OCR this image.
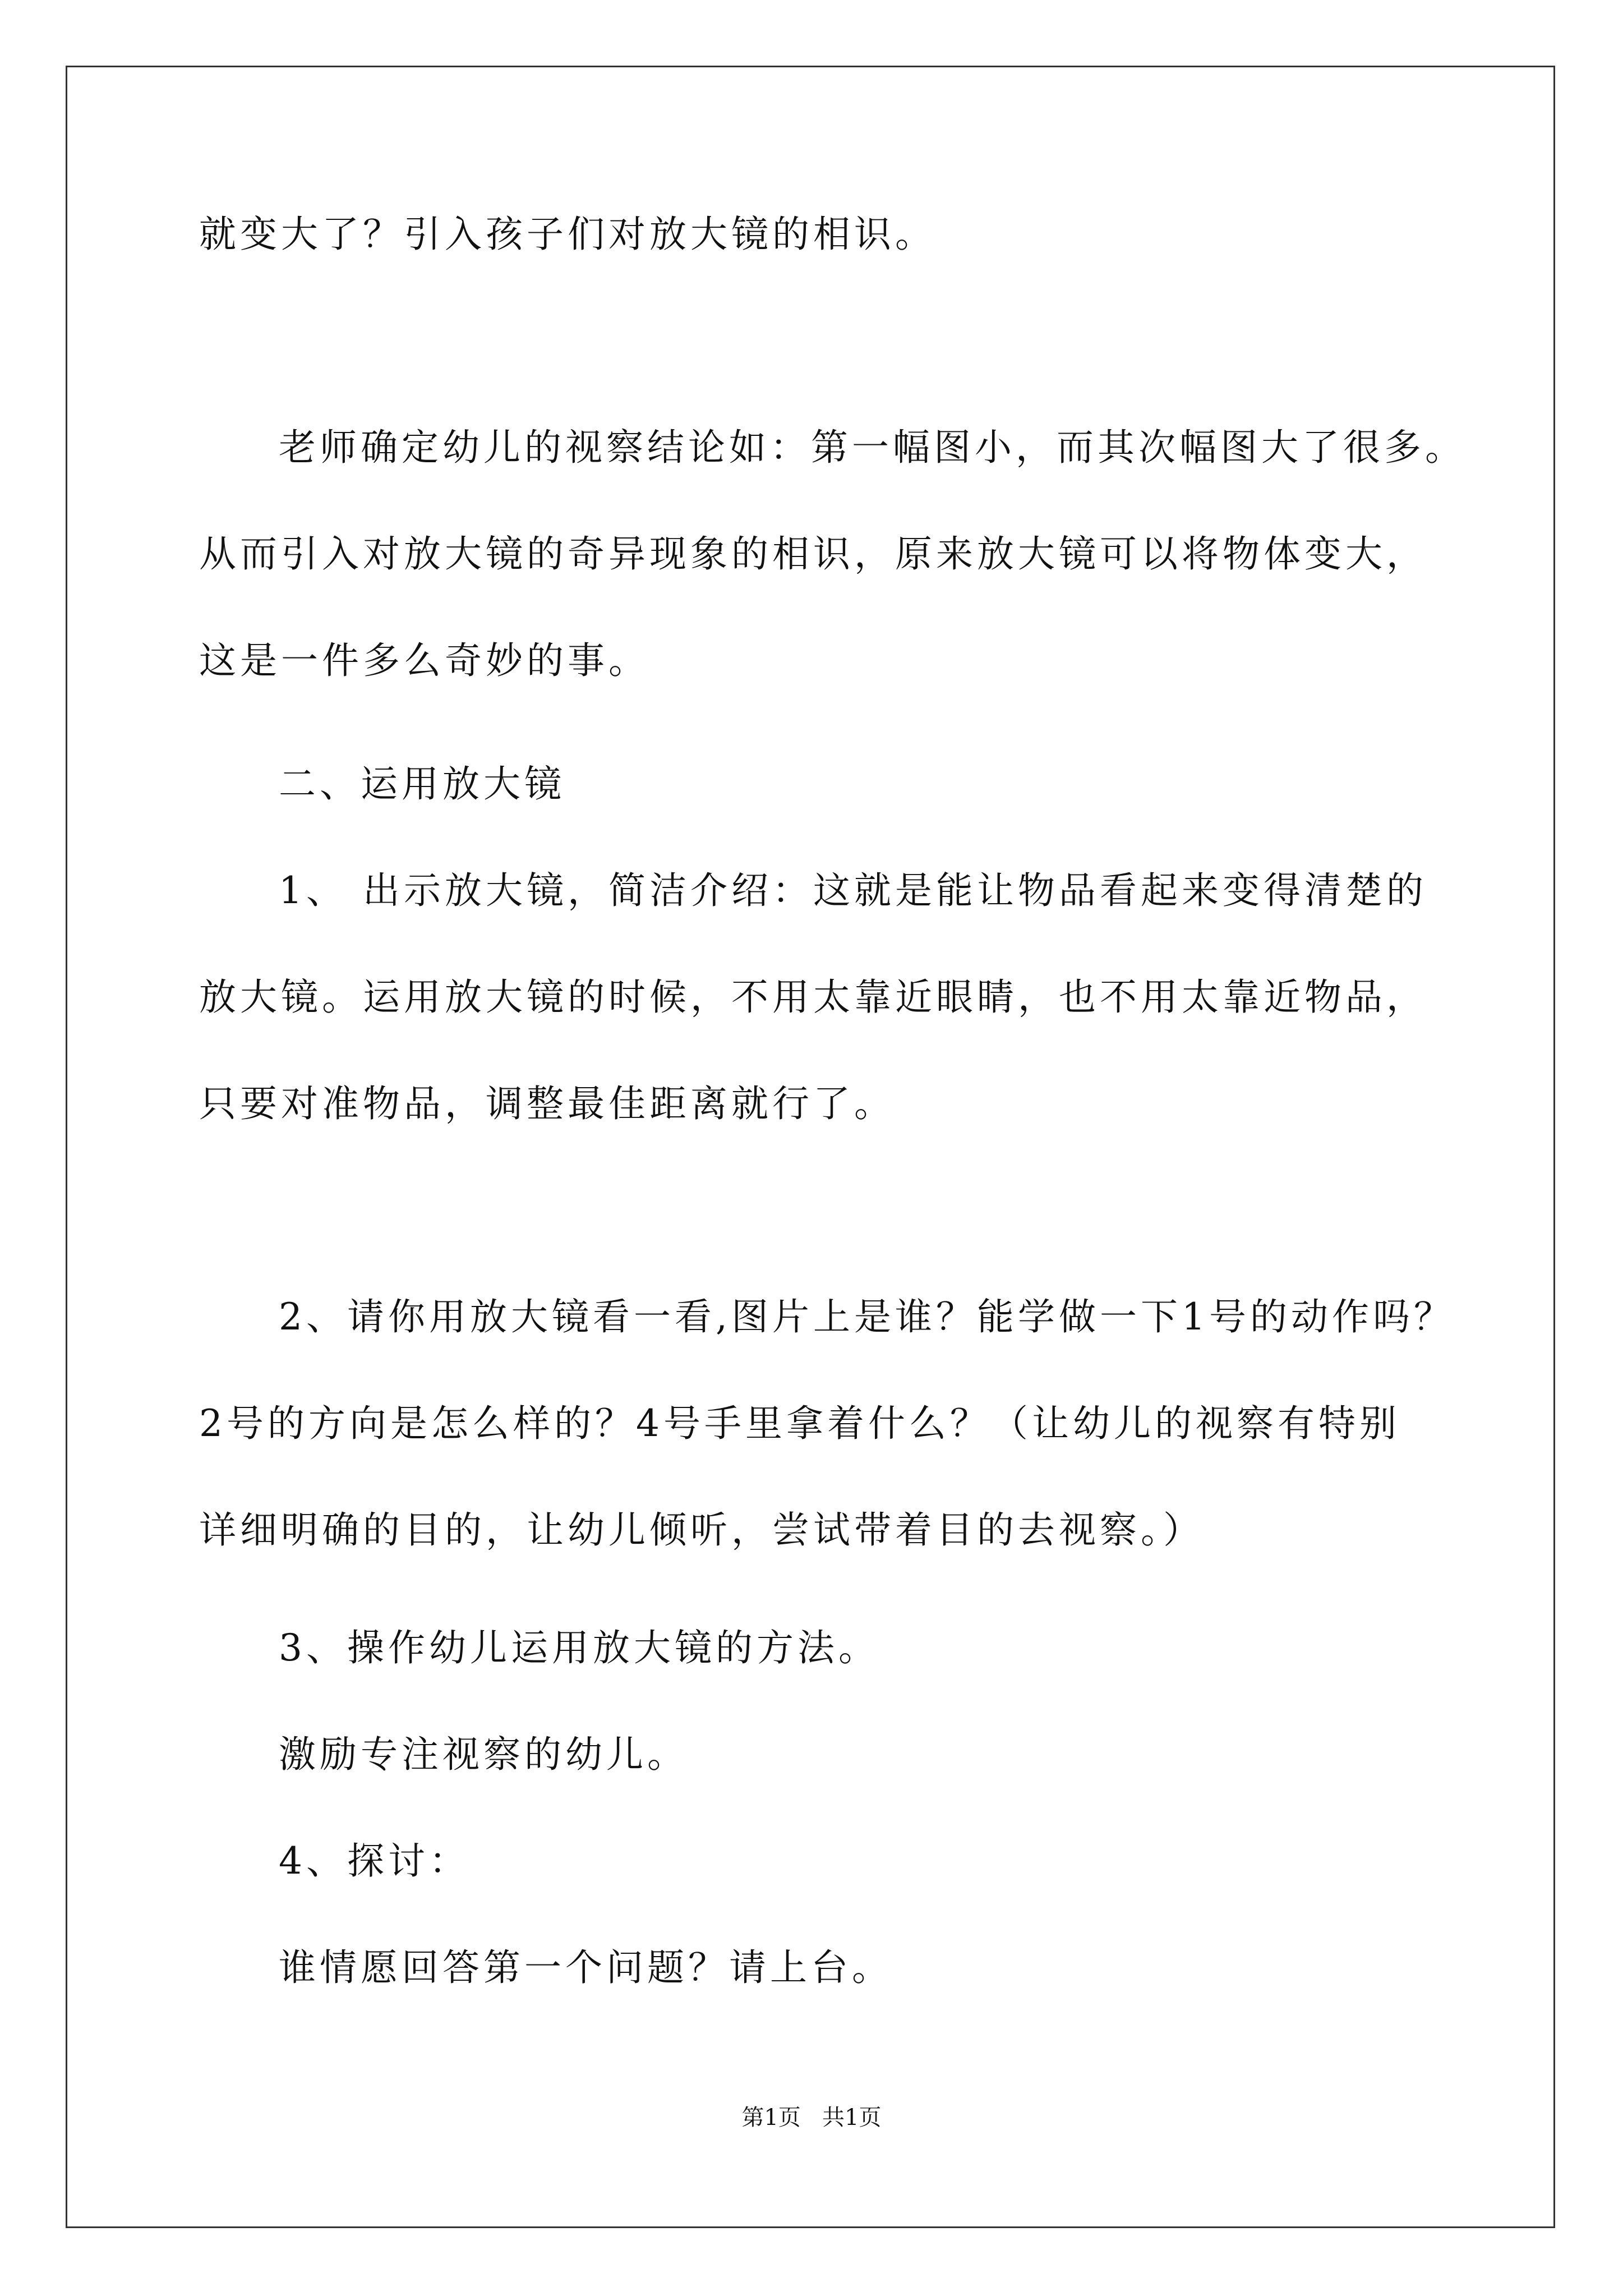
就变大了？引入孩子们对放大镜的相识。
老师确定幼儿的视察结论如：第一幅图小，而其次幅图大了很多。
从而引入对放大镜的奇异现象的相识，原来放大镜可以将物体变大，
这是一件多么奇妙的事。
二、运用放大镜
1、 出示放大镜，简洁介绍：这就是能让物品看起来变得清楚的
放大镜。运用放大镜的时候，不用太靠近眼睛，也不用太靠近物品，
只要对准物品，调整最佳距离就行了。
2、请你用放大镜看一看,图片上是谁？能学做一下1号的动作吗？
2号的方向是怎么样的？4号手里拿着什么？（让幼儿的视察有特别
详细明确的目的，让幼儿倾听，尝试带着目的去视察。）
3、操作幼儿运用放大镜的方法。
激励专注视察的幼儿。
4、探讨：
谁情愿回答第一个问题？请上台。
第1页   共1页
